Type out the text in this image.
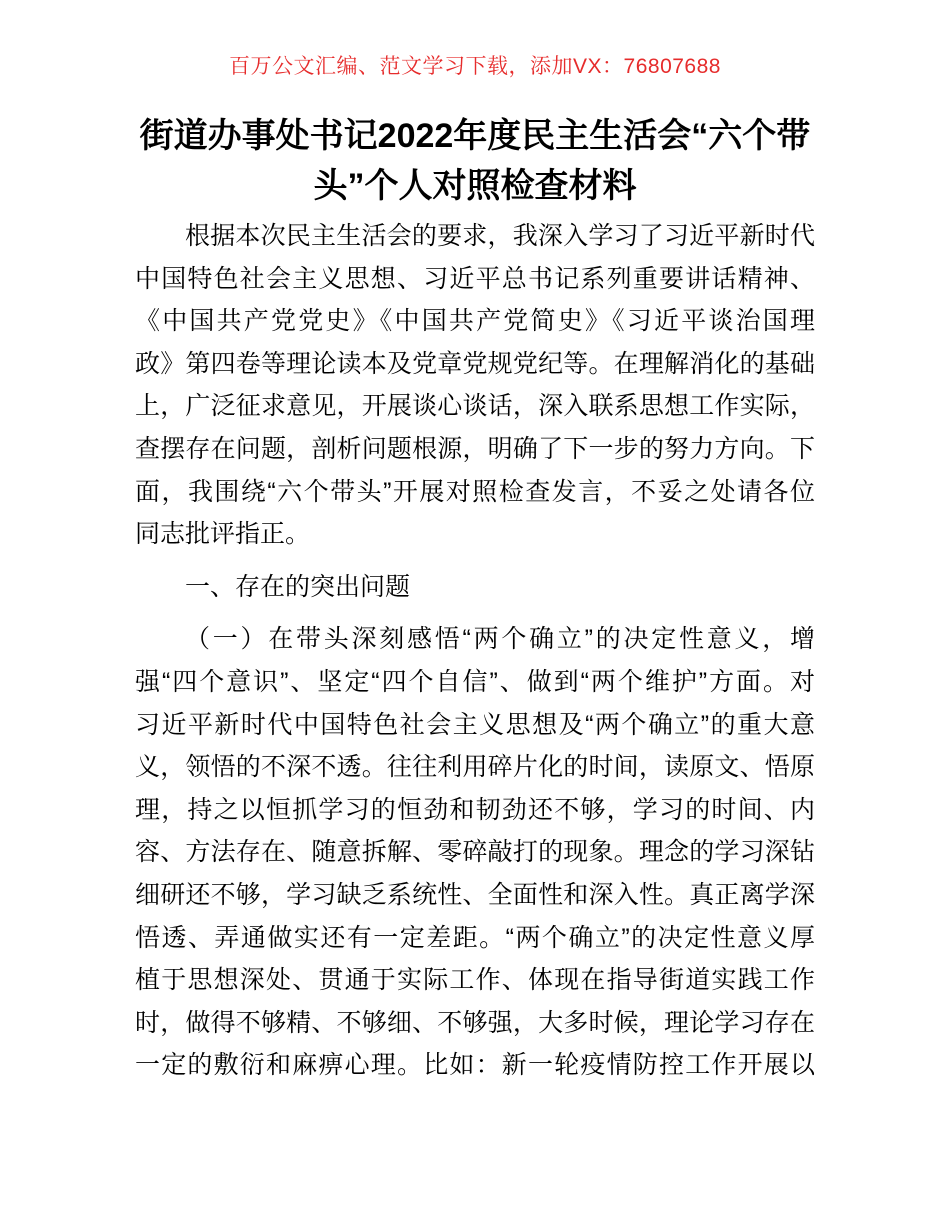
百万公文汇编、范文学习下载，添加VX：76807688
街道办事处书记2022年度民主生活会“六个带
头”个人对照检查材料
根据本次民主生活会的要求，我深入学习了习近平新时代
中国特色社会主义思想、习近平总书记系列重要讲话精神、
《中国共产党党史》《中国共产党简史》《习近平谈治国理
政》第四卷等理论读本及党章党规党纪等。在理解消化的基础
上，广泛征求意见，开展谈心谈话，深入联系思想工作实际，
查摆存在问题，剖析问题根源，明确了下一步的努力方向。下
面，我围绕“六个带头”开展对照检查发言，不妥之处请各位
同志批评指正。
一、存在的突出问题
（一）在带头深刻感悟“两个确立”的决定性意义，增
强“四个意识”、坚定“四个自信”、做到“两个维护”方面。对
习近平新时代中国特色社会主义思想及“两个确立”的重大意
义，领悟的不深不透。往往利用碎片化的时间，读原文、悟原
理，持之以恒抓学习的恒劲和韧劲还不够，学习的时间、内
容、方法存在、随意拆解、零碎敲打的现象。理念的学习深钻
细研还不够，学习缺乏系统性、全面性和深入性。真正离学深
悟透、弄通做实还有一定差距。“两个确立”的决定性意义厚
植于思想深处、贯通于实际工作、体现在指导街道实践工作
时，做得不够精、不够细、不够强，大多时候，理论学习存在
一定的敷衍和麻痹心理。比如：新一轮疫情防控工作开展以
